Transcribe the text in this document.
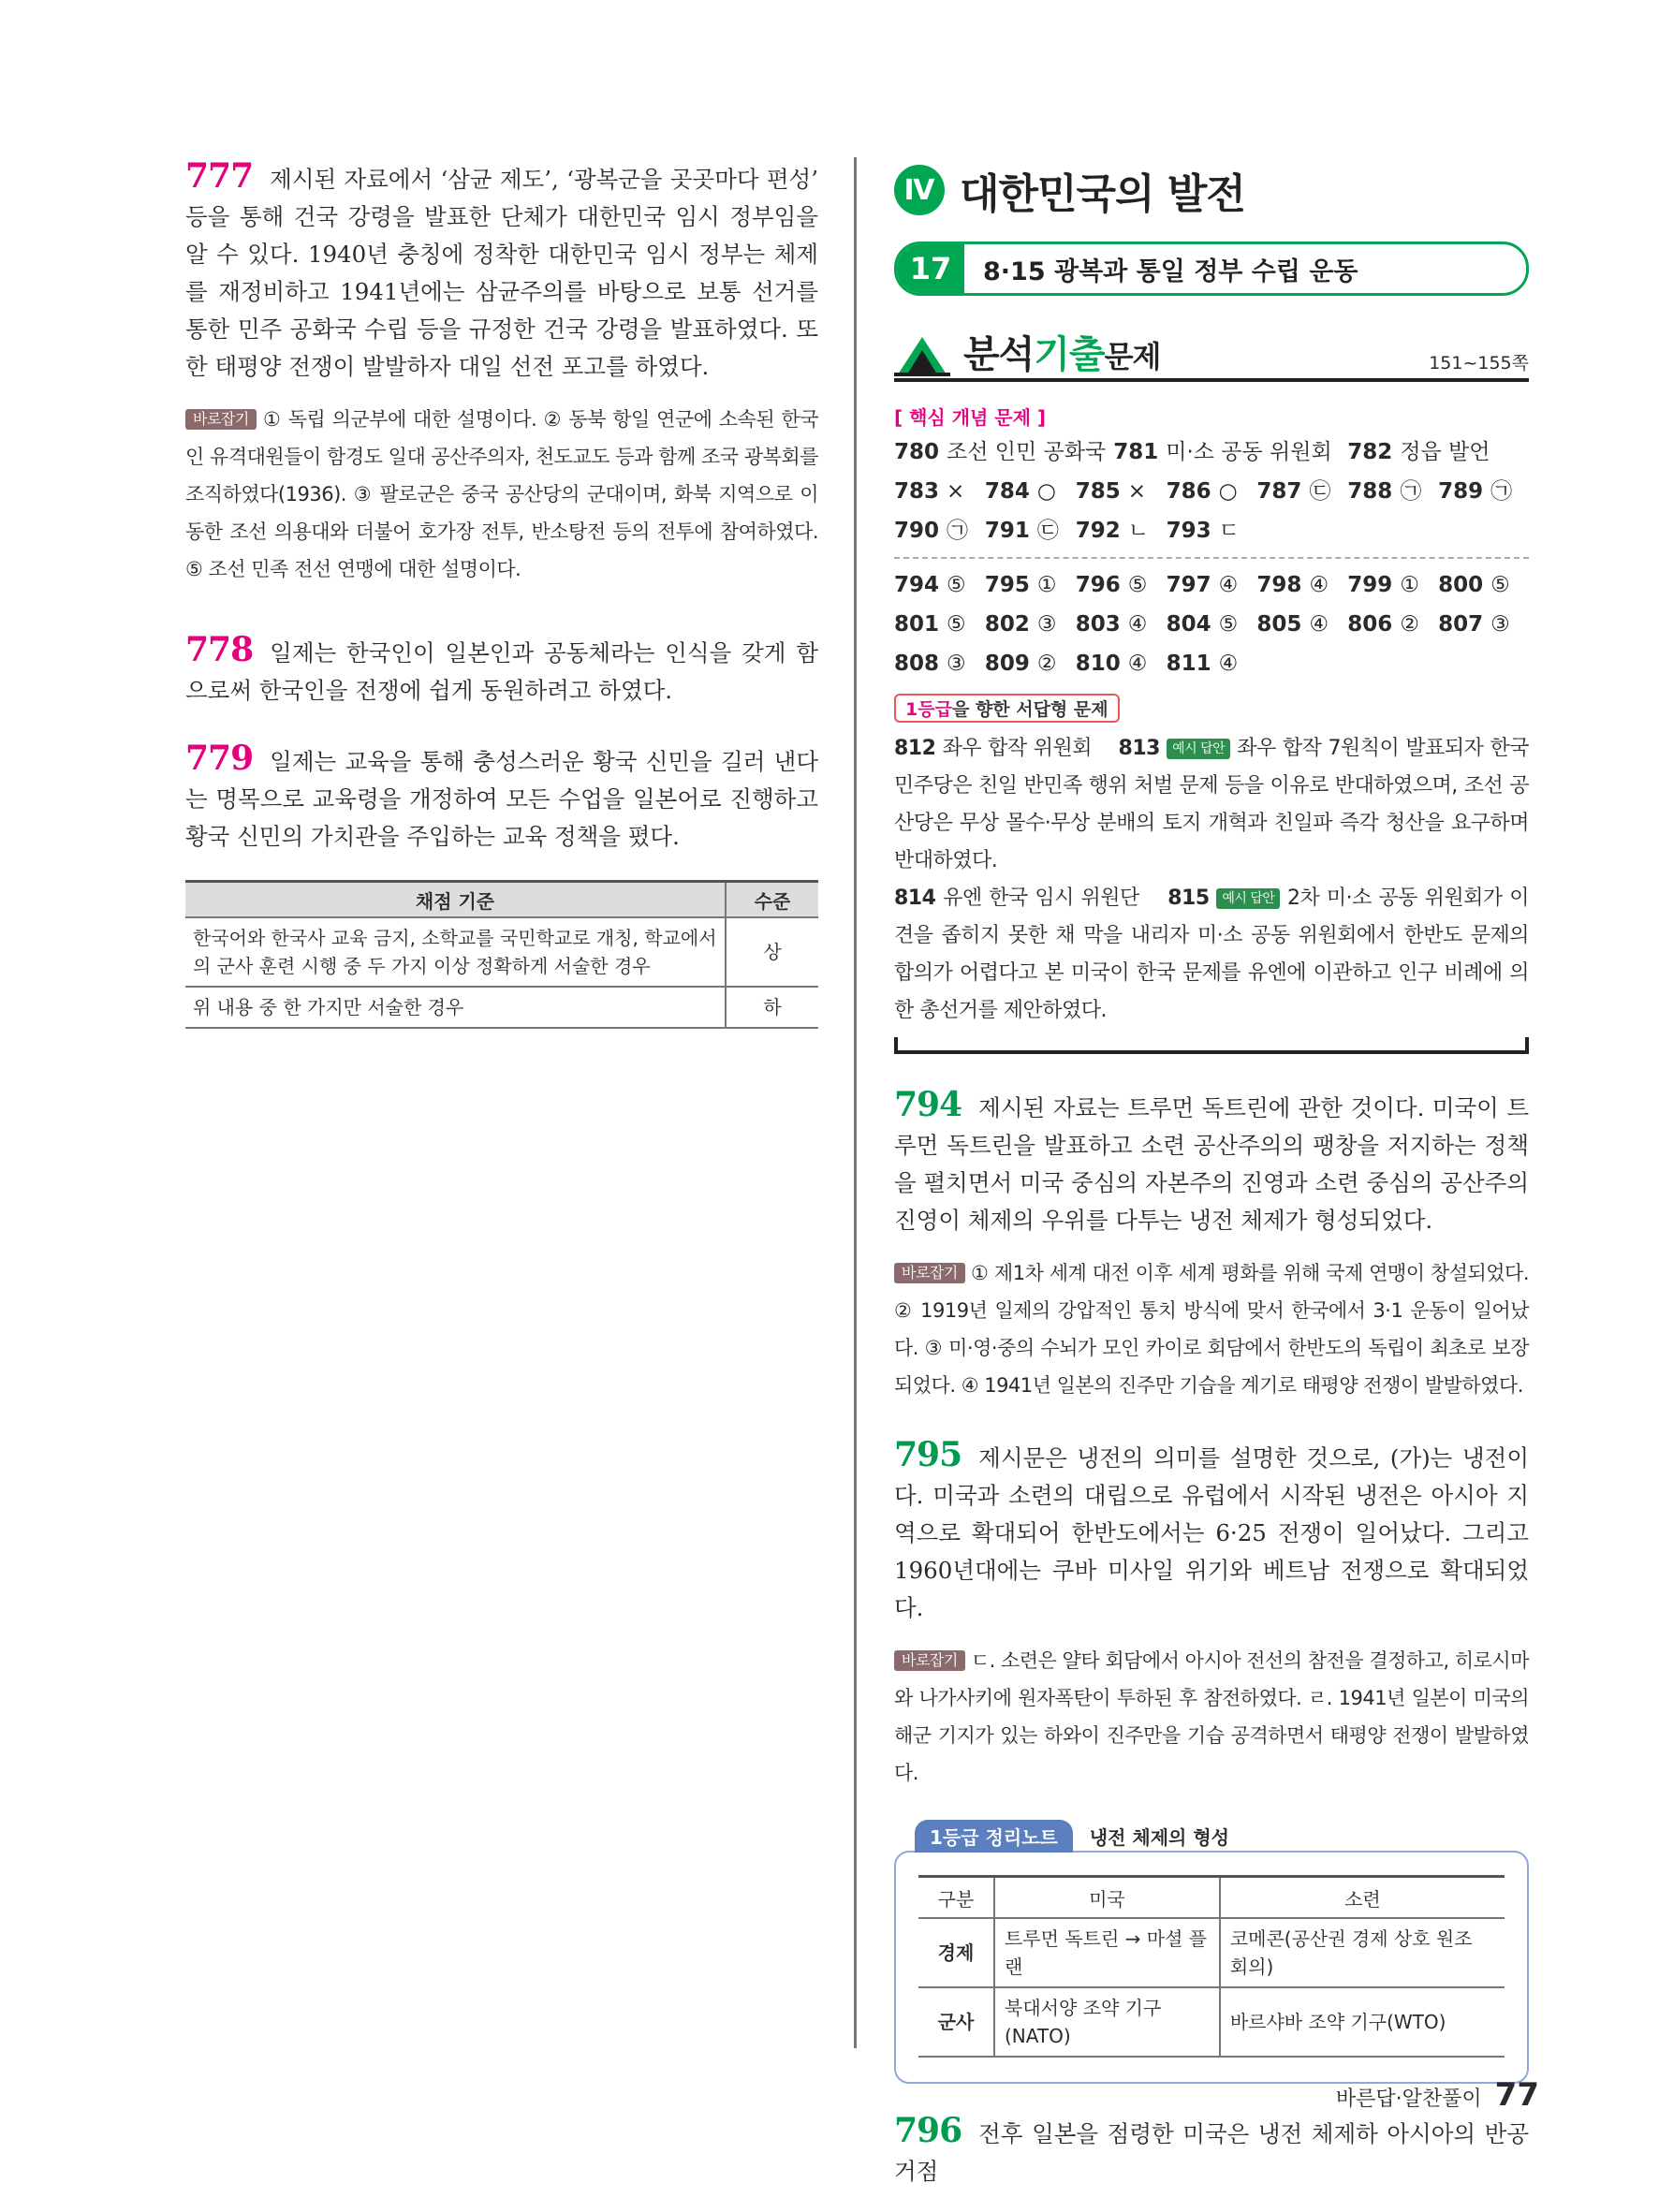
777 제시된 자료에서 ‘삼균 제도’, ‘광복군을 곳곳마다 편성’ 등을 통해 건국 강령을 발표한 단체가 대한민국 임시 정부임을 알 수 있다. 1940년 충칭에 정착한 대한민국 임시 정부는 체제를 재정비하고 1941년에는 삼균주의를 바탕으로 보통 선거를 통한 민주 공화국 수립 등을 규정한 건국 강령을 발표하였다. 또한 태평양 전쟁이 발발하자 대일 선전 포고를 하였다.

바로잡기 ① 독립 의군부에 대한 설명이다. ② 동북 항일 연군에 소속된 한국인 유격대원들이 함경도 일대 공산주의자, 천도교도 등과 함께 조국 광복회를 조직하였다(1936). ③ 팔로군은 중국 공산당의 군대이며, 화북 지역으로 이동한 조선 의용대와 더불어 호가장 전투, 반소탕전 등의 전투에 참여하였다. ⑤ 조선 민족 전선 연맹에 대한 설명이다.

778 일제는 한국인이 일본인과 공동체라는 인식을 갖게 함으로써 한국인을 전쟁에 쉽게 동원하려고 하였다.

779 일제는 교육을 통해 충성스러운 황국 신민을 길러 낸다는 명목으로 교육령을 개정하여 모든 수업을 일본어로 진행하고 황국 신민의 가치관을 주입하는 교육 정책을 폈다.

채점 기준	수준
한국어와 한국사 교육 금지, 소학교를 국민학교로 개칭, 학교에서의 군사 훈련 시행 중 두 가지 이상 정확하게 서술한 경우	상
위 내용 중 한 가지만 서술한 경우	하
Ⅳ 대한민국의 발전
17	8·15 광복과 통일 정부 수립 운동
분석기출문제	151~155쪽
[ 핵심 개념 문제 ]
780 조선 인민 공화국 781 미·소 공동 위원회 782 정읍 발언
783 × 784 ○ 785 × 786 ○ 787 ㉢ 788 ㉠ 789 ㉠
790 ㉠ 791 ㉢ 792 ㄴ 793 ㄷ
794 ⑤ 795 ① 796 ⑤ 797 ④ 798 ④ 799 ① 800 ⑤
801 ⑤ 802 ③ 803 ④ 804 ⑤ 805 ④ 806 ② 807 ③
808 ③ 809 ② 810 ④ 811 ④
1등급을 향한 서답형 문제

812 좌우 합작 위원회 813 예시 답안 좌우 합작 7원칙이 발표되자 한국 민주당은 친일 반민족 행위 처벌 문제 등을 이유로 반대하였으며, 조선 공산당은 무상 몰수·무상 분배의 토지 개혁과 친일파 즉각 청산을 요구하며 반대하였다.
814 유엔 한국 임시 위원단 815 예시 답안 2차 미·소 공동 위원회가 이견을 좁히지 못한 채 막을 내리자 미·소 공동 위원회에서 한반도 문제의 합의가 어렵다고 본 미국이 한국 문제를 유엔에 이관하고 인구 비례에 의한 총선거를 제안하였다.

794 제시된 자료는 트루먼 독트린에 관한 것이다. 미국이 트루먼 독트린을 발표하고 소련 공산주의의 팽창을 저지하는 정책을 펼치면서 미국 중심의 자본주의 진영과 소련 중심의 공산주의 진영이 체제의 우위를 다투는 냉전 체제가 형성되었다.

바로잡기 ① 제1차 세계 대전 이후 세계 평화를 위해 국제 연맹이 창설되었다. ② 1919년 일제의 강압적인 통치 방식에 맞서 한국에서 3·1 운동이 일어났다. ③ 미·영·중의 수뇌가 모인 카이로 회담에서 한반도의 독립이 최초로 보장되었다. ④ 1941년 일본의 진주만 기습을 계기로 태평양 전쟁이 발발하였다.

795 제시문은 냉전의 의미를 설명한 것으로, (가)는 냉전이다. 미국과 소련의 대립으로 유럽에서 시작된 냉전은 아시아 지역으로 확대되어 한반도에서는 6·25 전쟁이 일어났다. 그리고 1960년대에는 쿠바 미사일 위기와 베트남 전쟁으로 확대되었다.

바로잡기 ㄷ. 소련은 얄타 회담에서 아시아 전선의 참전을 결정하고, 히로시마와 나가사키에 원자폭탄이 투하된 후 참전하였다. ㄹ. 1941년 일본이 미국의 해군 기지가 있는 하와이 진주만을 기습 공격하면서 태평양 전쟁이 발발하였다.

1등급 정리노트 냉전 체제의 형성
구분	미국	소련
경제	트루먼 독트린 → 마셜 플랜	코메콘(공산권 경제 상호 원조 회의)
군사	북대서양 조약 기구(NATO)	바르샤바 조약 기구(WTO)

796 전후 일본을 점령한 미국은 냉전 체제하 아시아의 반공 거점

바른답·알찬풀이 77
